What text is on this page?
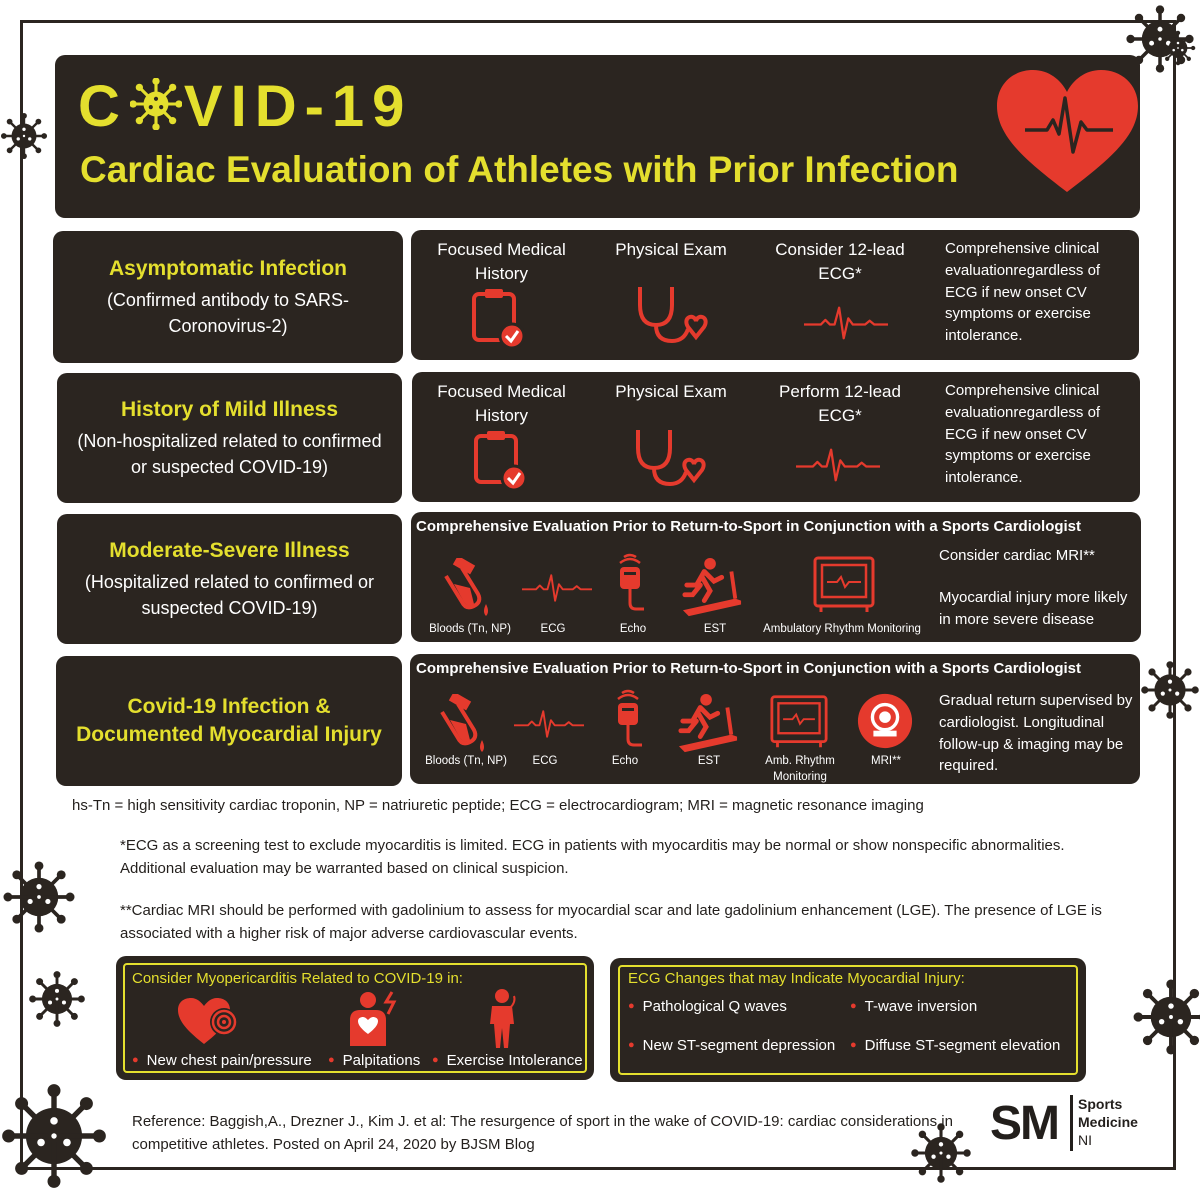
C VID-19
Cardiac Evaluation of Athletes with Prior Infection
Asymptomatic Infection
(Confirmed antibody to SARS-Coronovirus-2)
Focused Medical History
Physical Exam	Consider 12-lead ECG*
Comprehensive clinical evaluationregardless of ECG if new onset CV symptoms or exercise intolerance.
History of Mild Illness
(Non-hospitalized related to confirmed or suspected COVID-19)
Focused Medical History
Physical Exam	Perform 12-lead ECG*
Comprehensive clinical evaluationregardless of ECG if new onset CV symptoms or exercise intolerance.
Moderate-Severe Illness
(Hospitalized related to confirmed or suspected COVID-19)
Comprehensive Evaluation Prior to Return-to-Sport in Conjunction with a Sports Cardiologist
Bloods (Tn, NP)	ECG	Echo	EST	Ambulatory Rhythm Monitoring
Consider cardiac MRI**
Myocardial injury more likely in more severe disease
Covid-19 Infection & Documented Myocardial Injury
Comprehensive Evaluation Prior to Return-to-Sport in Conjunction with a Sports Cardiologist
Bloods (Tn, NP)	ECG	Echo	EST	Amb. Rhythm Monitoring
MRI**
Gradual return supervised by cardiologist. Longitudinal follow-up & imaging may be required.
hs-Tn = high sensitivity cardiac troponin, NP = natriuretic peptide; ECG = electrocardiogram; MRI = magnetic resonance imaging
*ECG as a screening test to exclude myocarditis is limited. ECG in patients with myocarditis may be normal or show nonspecific abnormalities. Additional evaluation may be warranted based on clinical suspicion.
**Cardiac MRI should be performed with gadolinium to assess for myocardial scar and late gadolinium enhancement (LGE). The presence of LGE is associated with a higher risk of major adverse cardiovascular events.
Consider Myopericarditis Related to COVID-19 in:
● New chest pain/pressure	● Palpitations	● Exercise Intolerance
ECG Changes that may Indicate Myocardial Injury:
● Pathological Q waves	● T-wave inversion
● New ST-segment depression	● Diffuse ST-segment elevation
Reference: Baggish,A., Drezner J., Kim J. et al: The resurgence of sport in the wake of COVID-19: cardiac considerations in competitive athletes. Posted on April 24, 2020 by BJSM Blog	SM Sports
Medicine
NI
